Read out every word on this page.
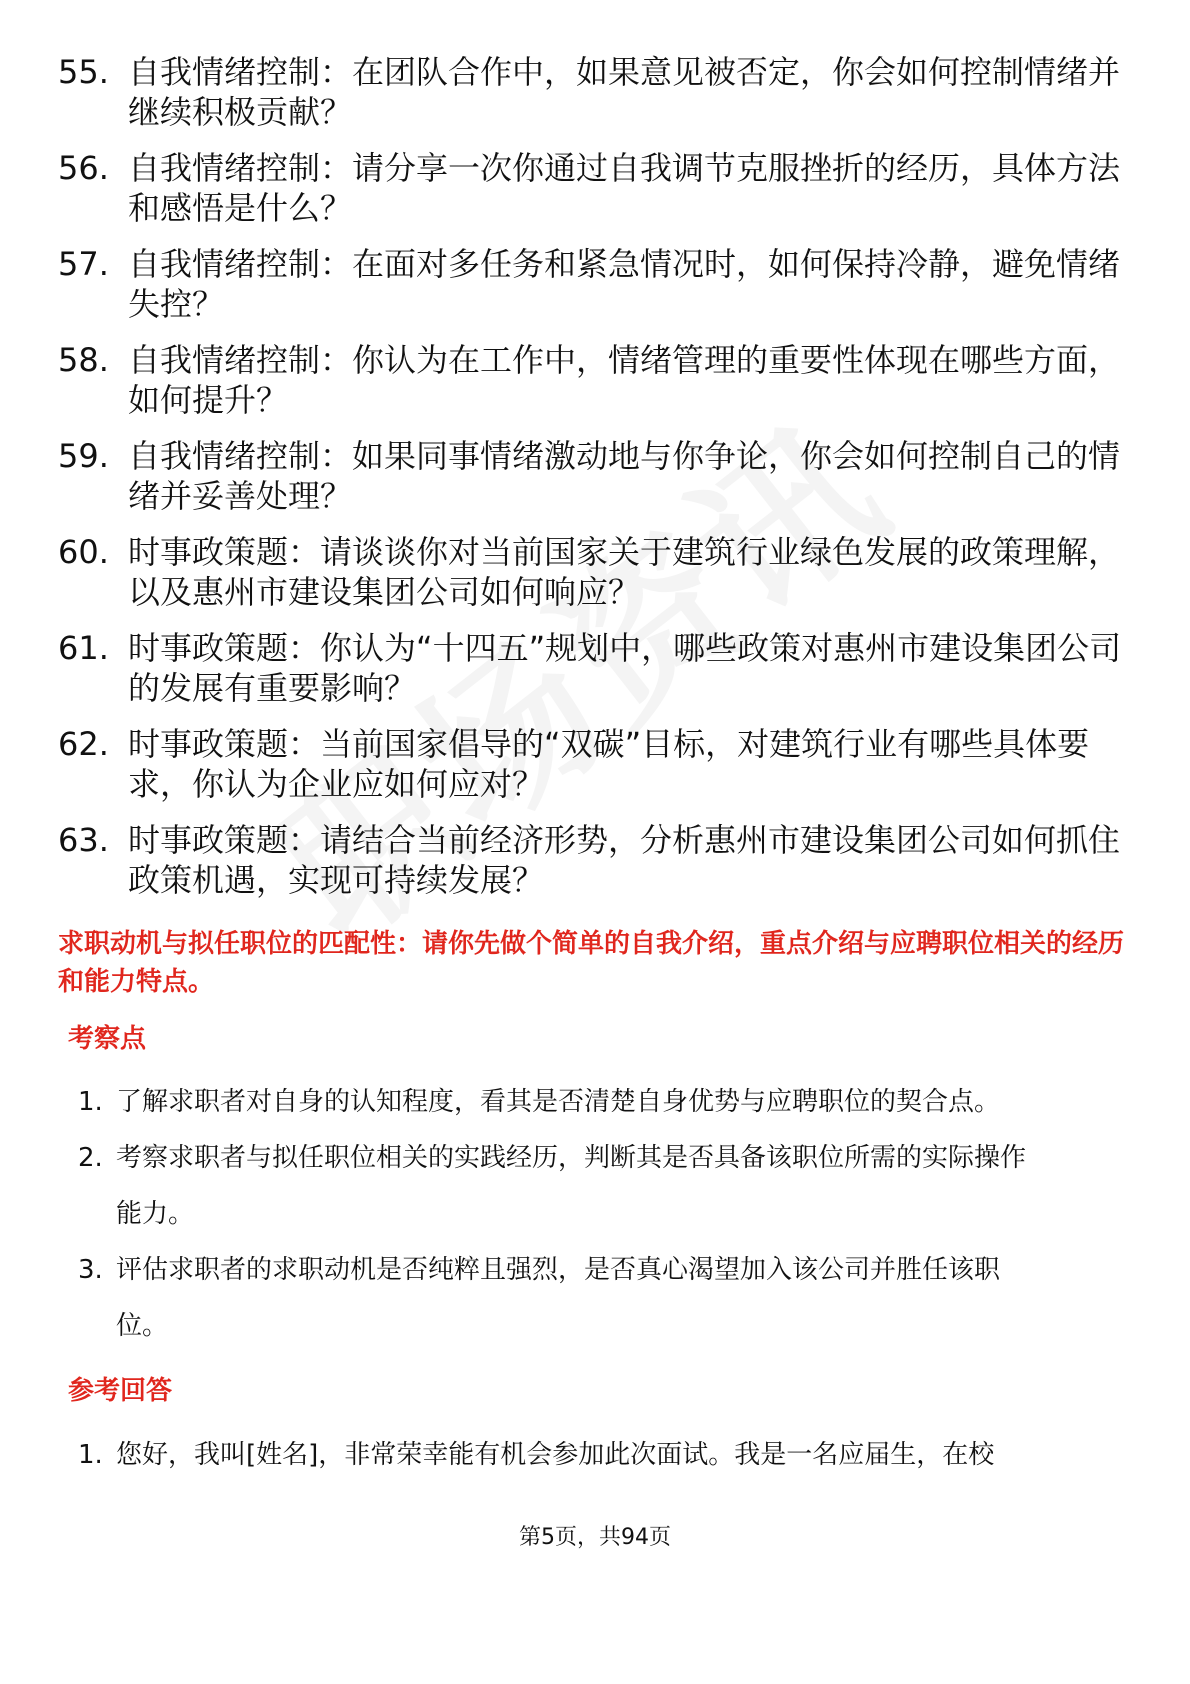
55. 自我情绪控制：在团队合作中，如果意见被否定，你会如何控制情绪并继续积极贡献？
56. 自我情绪控制：请分享一次你通过自我调节克服挫折的经历，具体方法和感悟是什么？
57. 自我情绪控制：在面对多任务和紧急情况时，如何保持冷静，避免情绪失控？
58. 自我情绪控制：你认为在工作中，情绪管理的重要性体现在哪些方面，如何提升？
59. 自我情绪控制：如果同事情绪激动地与你争论，你会如何控制自己的情绪并妥善处理？
60. 时事政策题：请谈谈你对当前国家关于建筑行业绿色发展的政策理解，以及惠州市建设集团公司如何响应？
61. 时事政策题：你认为“十四五”规划中，哪些政策对惠州市建设集团公司的发展有重要影响？
62. 时事政策题：当前国家倡导的“双碳”目标，对建筑行业有哪些具体要求，你认为企业应如何应对？
63. 时事政策题：请结合当前经济形势，分析惠州市建设集团公司如何抓住政策机遇，实现可持续发展？
求职动机与拟任职位的匹配性：请你先做个简单的自我介绍，重点介绍与应聘职位相关的经历和能力特点。
考察点
1. 了解求职者对自身的认知程度，看其是否清楚自身优势与应聘职位的契合点。
2. 考察求职者与拟任职位相关的实践经历，判断其是否具备该职位所需的实际操作能力。
3. 评估求职者的求职动机是否纯粹且强烈，是否真心渴望加入该公司并胜任该职位。
参考回答
1. 您好，我叫[姓名]，非常荣幸能有机会参加此次面试。我是一名应届生，在校
第5页，共94页
